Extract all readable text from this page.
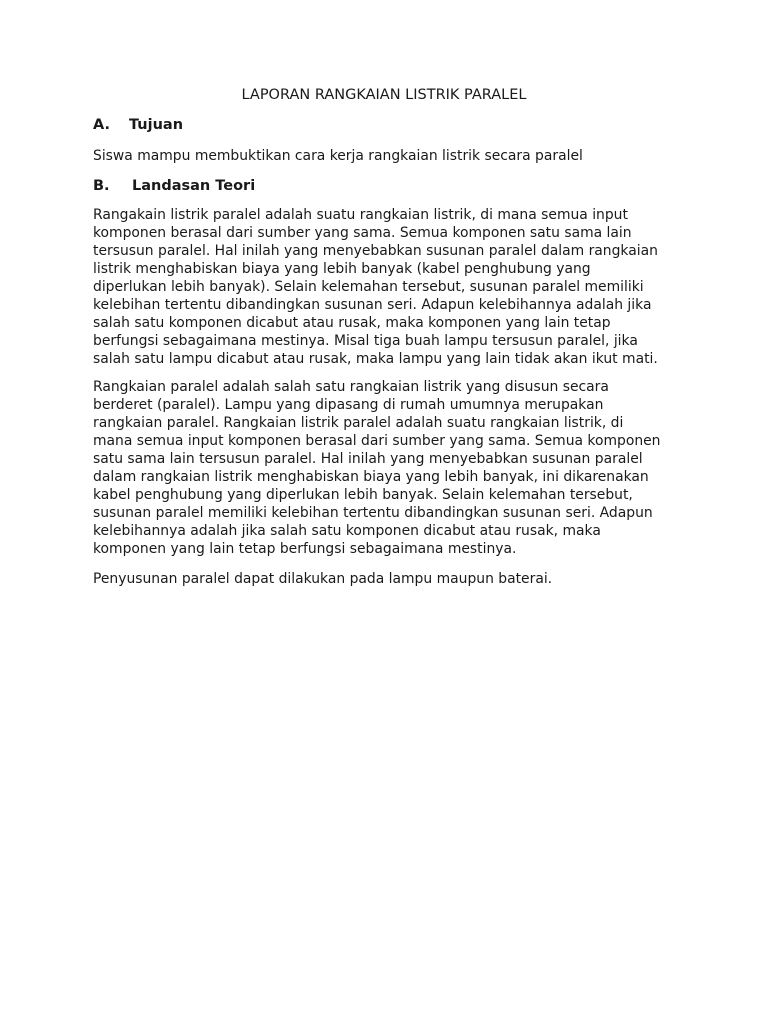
LAPORAN RANGKAIAN LISTRIK PARALEL
A. Tujuan

Siswa mampu membuktikan cara kerja rangkaian listrik secara paralel

B. Landasan Teori

Rangakain listrik paralel adalah suatu rangkaian listrik, di mana semua input
komponen berasal dari sumber yang sama. Semua komponen satu sama lain
tersusun paralel. Hal inilah yang menyebabkan susunan paralel dalam rangkaian
listrik menghabiskan biaya yang lebih banyak (kabel penghubung yang
diperlukan lebih banyak). Selain kelemahan tersebut, susunan paralel memiliki
kelebihan tertentu dibandingkan susunan seri. Adapun kelebihannya adalah jika
salah satu komponen dicabut atau rusak, maka komponen yang lain tetap
berfungsi sebagaimana mestinya. Misal tiga buah lampu tersusun paralel, jika
salah satu lampu dicabut atau rusak, maka lampu yang lain tidak akan ikut mati.

Rangkaian paralel adalah salah satu rangkaian listrik yang disusun secara
berderet (paralel). Lampu yang dipasang di rumah umumnya merupakan
rangkaian paralel. Rangkaian listrik paralel adalah suatu rangkaian listrik, di
mana semua input komponen berasal dari sumber yang sama. Semua komponen
satu sama lain tersusun paralel. Hal inilah yang menyebabkan susunan paralel
dalam rangkaian listrik menghabiskan biaya yang lebih banyak, ini dikarenakan
kabel penghubung yang diperlukan lebih banyak. Selain kelemahan tersebut,
susunan paralel memiliki kelebihan tertentu dibandingkan susunan seri. Adapun
kelebihannya adalah jika salah satu komponen dicabut atau rusak, maka
komponen yang lain tetap berfungsi sebagaimana mestinya.

Penyusunan paralel dapat dilakukan pada lampu maupun baterai.
